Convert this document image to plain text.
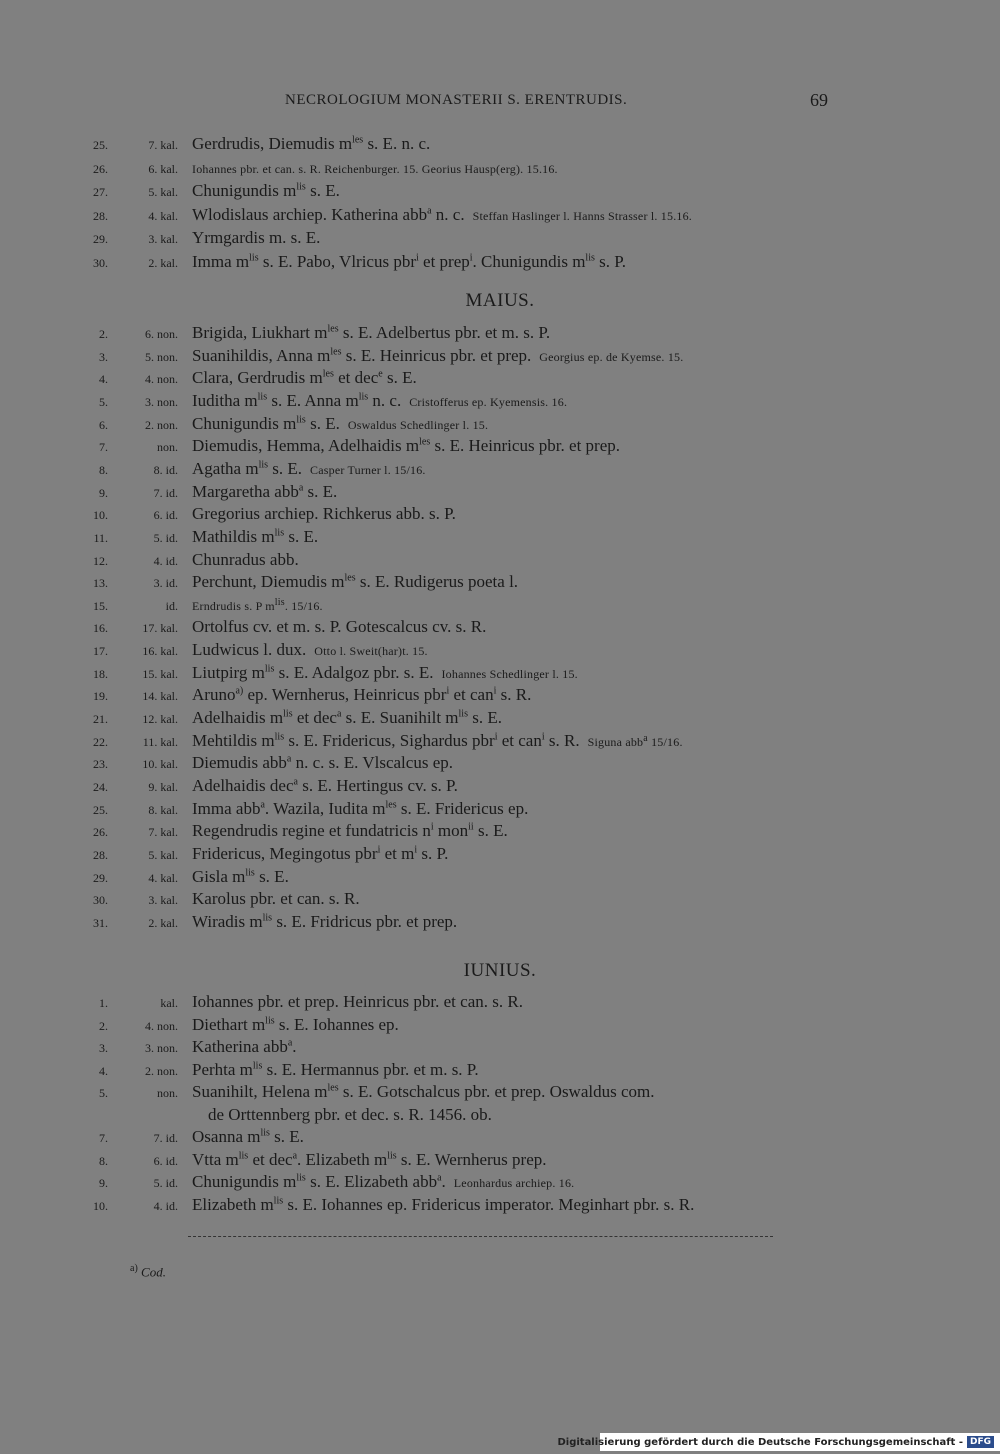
NECROLOGIUM MONASTERII S. ERENTRUDIS.	69
25.	7. kal. Gerdrudis, Diemudis $m^{les}$ s. E. n. c.
26.	6. kal. Iohannes pbr. et can. s. R. Reichenburger. 15. Georius Hausp(erg). 15.16.
27.	5. kal. Chunigundis $m^{lis}$ s. E.
28.	4. kal. Wlodislaus archiep. Katherina abb$^a$ n. c. Steffan Haslinger l. Hanns Strasser l. 15.16.
29.	3. kal. Yrmgardis m. s. E.
30.	2. kal. Imma $m^{lis}$ s. E. Pabo, Vlricus pbr$^i$ et prep$^i$. Chunigundis $m^{lis}$ s. P.
MAIUS.
2.	6. non. Brigida, Liukhart $m^{les}$ s. E. Adelbertus pbr. et m. s. P.
3.	5. non. Suanihildis, Anna $m^{les}$ s. E. Heinricus pbr. et prep. Georgius ep. de Kyemse. 15.
4.	4. non. Clara, Gerdrudis $m^{les}$ et dec$^e$ s. E.
5.	3. non. Iuditha $m^{lis}$ s. E. Anna $m^{lis}$ n. c. Cristofferus ep. Kyemensis. 16.
6.	2. non. Chunigundis $m^{lis}$ s. E. Oswaldus Schedlinger l. 15.
7.	non. Diemudis, Hemma, Adelhaidis $m^{les}$ s. E. Heinricus pbr. et prep.
8.	8. id. Agatha $m^{lis}$ s. E. Casper Turner l. 15/16.
9.	7. id. Margaretha abb$^a$ s. E.
10.	6. id. Gregorius archiep. Richkerus abb. s. P.
11.	5. id. Mathildis $m^{lis}$ s. E.
12.	4. id. Chunradus abb.
13.	3. id. Perchunt, Diemudis $m^{les}$ s. E. Rudigerus poeta l.
15.	id. Erndrudis s. P $m^{lis}$. 15/16.
16.	17. kal. Ortolfus cv. et m. s. P. Gotescalcus cv. s. R.
17.	16. kal. Ludwicus l. dux. Otto l. Sweit(har)t. 15.
18.	15. kal. Liutpirg $m^{lis}$ s. E. Adalgoz pbr. s. E. Iohannes Schedlinger l. 15.
19.	14. kal. Aruno$^{a)}$ ep. Wernherus, Heinricus pbr$^i$ et can$^i$ s. R.
21.	12. kal. Adelhaidis $m^{lis}$ et dec$^a$ s. E. Suanihilt $m^{lis}$ s. E.
22.	11. kal. Mehtildis $m^{lis}$ s. E. Fridericus, Sighardus pbr$^i$ et can$^i$ s. R. Siguna abb$^a$ 15/16.
23.	10. kal. Diemudis abb$^a$ n. c. s. E. Vlscalcus ep.
24.	9. kal. Adelhaidis dec$^a$ s. E. Hertingus cv. s. P.
25.	8. kal. Imma abb$^a$. Wazila, Iudita $m^{les}$ s. E. Fridericus ep.
26.	7. kal. Regendrudis regine et fundatricis $n^i$ mon$^{ii}$ s. E.
28.	5. kal. Fridericus, Megingotus pbr$^i$ et $m^i$ s. P.
29.	4. kal. Gisla $m^{lis}$ s. E.
30.	3. kal. Karolus pbr. et can. s. R.
31.	2. kal. Wiradis $m^{lis}$ s. E. Fridricus pbr. et prep.
IUNIUS.
1.	kal. Iohannes pbr. et prep. Heinricus pbr. et can. s. R.
2.	4. non. Diethart $m^{lis}$ s. E. Iohannes ep.
3.	3. non. Katherina abb$^a$.
4.	2. non. Perhta $m^{lis}$ s. E. Hermannus pbr. et m. s. P.
5.	non. Suanihilt, Helena $m^{les}$ s. E. Gotschalcus pbr. et prep. Oswaldus com.
de Orttennberg pbr. et dec. s. R. 1456. ob.
7.	7. id. Osanna $m^{lis}$ s. E.
8.	6. id. Vtta $m^{lis}$ et dec$^a$. Elizabeth $m^{lis}$ s. E. Wernherus prep.
9.	5. id. Chunigundis $m^{lis}$ s. E. Elizabeth abb$^a$. Leonhardus archiep. 16.
10.	4. id. Elizabeth $m^{lis}$ s. E. Iohannes ep. Fridericus imperator. Meginhart pbr. s. R.
$^{a)}$ Cod.
Digitalisierung gefördert durch die Deutsche Forschungsgemeinschaft - DFG
